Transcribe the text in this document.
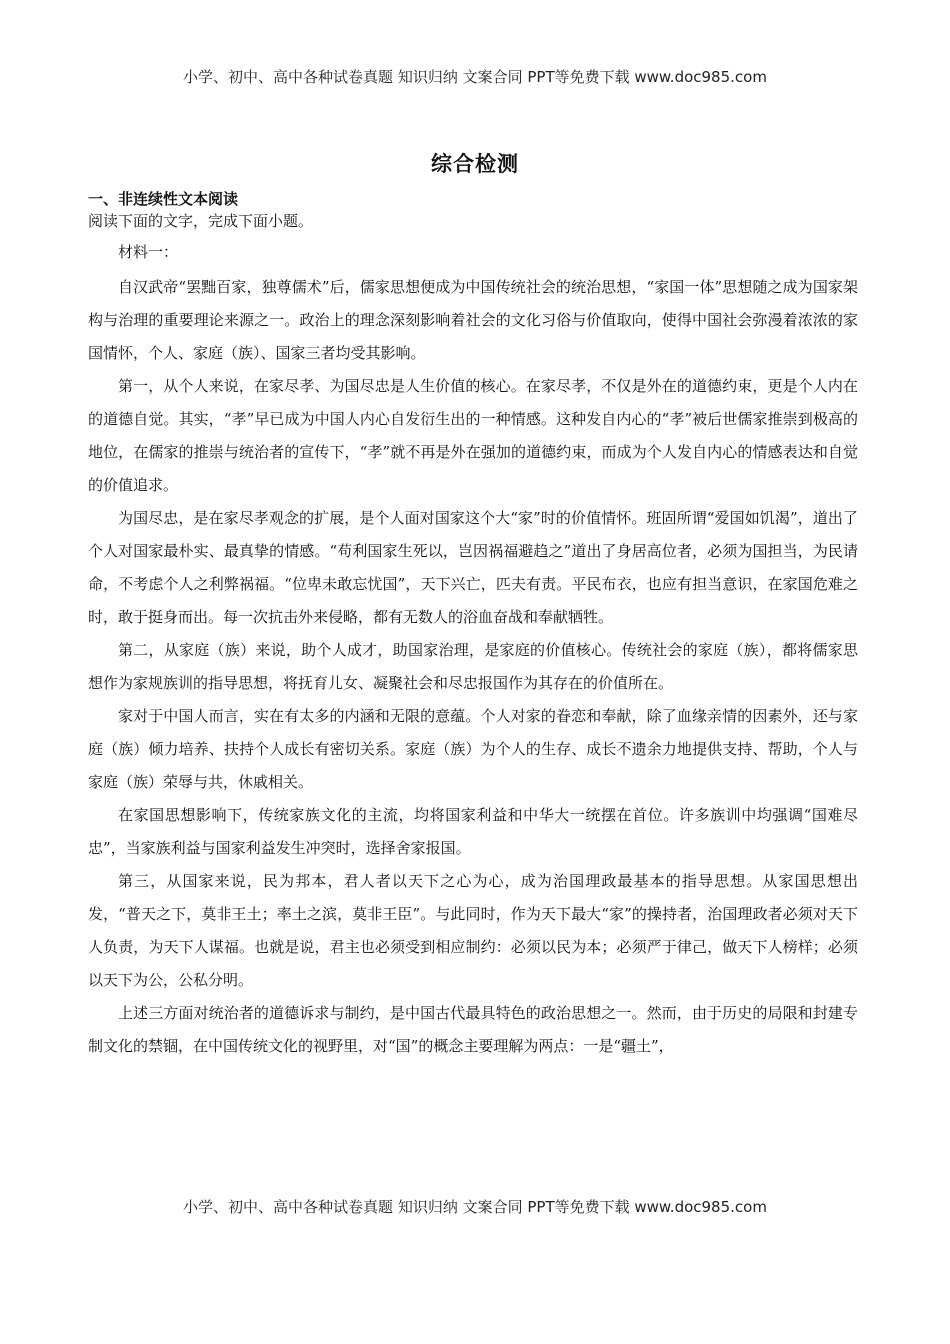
小学、初中、高中各种试卷真题 知识归纳 文案合同 PPT等免费下载 www.doc985.com
综合检测

一、非连续性文本阅读

阅读下面的文字，完成下面小题。

材料一：

自汉武帝“罢黜百家，独尊儒术”后，儒家思想便成为中国传统社会的统治思想，“家国一体”思想随之成为国家架构与治理的重要理论来源之一。政治上的理念深刻影响着社会的文化习俗与价值取向，使得中国社会弥漫着浓浓的家国情怀，个人、家庭（族）、国家三者均受其影响。

第一，从个人来说，在家尽孝、为国尽忠是人生价值的核心。在家尽孝，不仅是外在的道德约束，更是个人内在的道德自觉。其实，“孝”早已成为中国人内心自发衍生出的一种情感。这种发自内心的“孝”被后世儒家推崇到极高的地位，在儒家的推崇与统治者的宣传下，“孝”就不再是外在强加的道德约束，而成为个人发自内心的情感表达和自觉的价值追求。

为国尽忠，是在家尽孝观念的扩展，是个人面对国家这个大“家”时的价值情怀。班固所谓“爱国如饥渴”，道出了个人对国家最朴实、最真挚的情感。“苟利国家生死以，岂因祸福避趋之”道出了身居高位者，必须为国担当，为民请命，不考虑个人之利弊祸福。“位卑未敢忘忧国”，天下兴亡，匹夫有责。平民布衣，也应有担当意识，在家国危难之时，敢于挺身而出。每一次抗击外来侵略，都有无数人的浴血奋战和奉献牺牲。

第二，从家庭（族）来说，助个人成才，助国家治理，是家庭的价值核心。传统社会的家庭（族），都将儒家思想作为家规族训的指导思想，将抚育儿女、凝聚社会和尽忠报国作为其存在的价值所在。

家对于中国人而言，实在有太多的内涵和无限的意蕴。个人对家的眷恋和奉献，除了血缘亲情的因素外，还与家庭（族）倾力培养、扶持个人成长有密切关系。家庭（族）为个人的生存、成长不遗余力地提供支持、帮助，个人与家庭（族）荣辱与共，休戚相关。

在家国思想影响下，传统家族文化的主流，均将国家利益和中华大一统摆在首位。许多族训中均强调“国难尽忠”，当家族利益与国家利益发生冲突时，选择舍家报国。

第三，从国家来说，民为邦本，君人者以天下之心为心，成为治国理政最基本的指导思想。从家国思想出发，“普天之下，莫非王土；率土之滨，莫非王臣”。与此同时，作为天下最大“家”的操持者，治国理政者必须对天下人负责，为天下人谋福。也就是说，君主也必须受到相应制约：必须以民为本；必须严于律己，做天下人榜样；必须以天下为公，公私分明。

上述三方面对统治者的道德诉求与制约，是中国古代最具特色的政治思想之一。然而，由于历史的局限和封建专制文化的禁锢，在中国传统文化的视野里，对“国”的概念主要理解为两点：一是“疆土”，

小学、初中、高中各种试卷真题 知识归纳 文案合同 PPT等免费下载 www.doc985.com
